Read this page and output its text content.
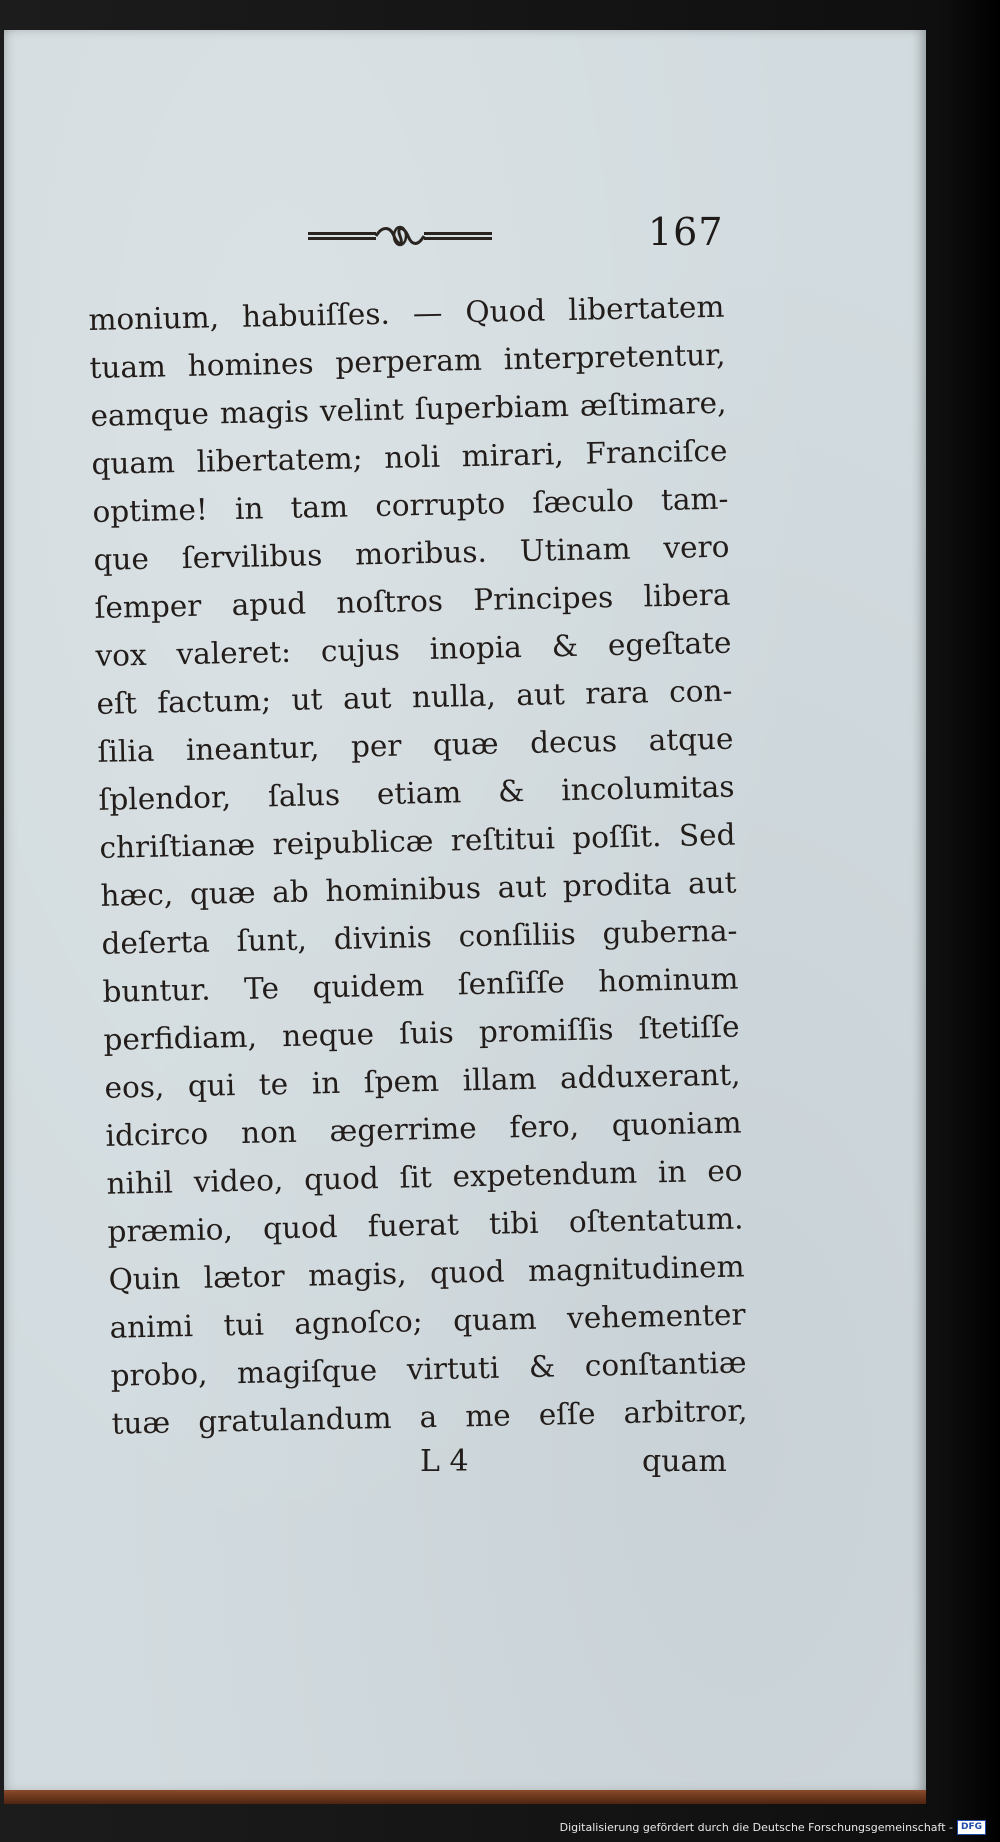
167

monium, habuiſſes. — Quod libertatem
tuam homines perperam interpretentur,
eamque magis velint ſuperbiam æſtimare,
quam libertatem; noli mirari, Franciſce
optime! in tam corrupto ſæculo tam-
que ſervilibus moribus. Utinam vero
ſemper apud noſtros Principes libera
vox valeret: cujus inopia & egeſtate
eſt factum; ut aut nulla, aut rara con-
ſilia ineantur, per quæ decus atque
ſplendor, ſalus etiam & incolumitas
chriſtianæ reipublicæ reſtitui poſſit. Sed
hæc, quæ ab hominibus aut prodita aut
deſerta ſunt, divinis conſiliis guberna-
buntur. Te quidem ſenſiſſe hominum
perfidiam, neque ſuis promiſſis ſtetiſſe
eos, qui te in ſpem illam adduxerant,
idcirco non ægerrime fero, quoniam
nihil video, quod ſit expetendum in eo
præmio, quod fuerat tibi oſtentatum.
Quin lætor magis, quod magnitudinem
animi tui agnoſco; quam vehementer
probo, magiſque virtuti & conſtantiæ
tuæ gratulandum a me eſſe arbitror,

L 4	quam
Digitalisierung gefördert durch die Deutsche Forschungsgemeinschaft - DFG
